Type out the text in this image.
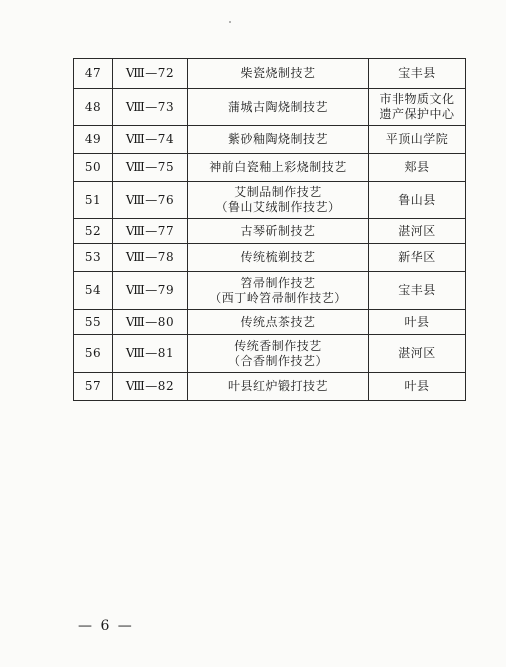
47	Ⅷ—72	柴瓷烧制技艺	宝丰县

48	Ⅷ—73	蒲城古陶烧制技艺	市非物质文化
遗产保护中心

49	Ⅷ—74	紫砂釉陶烧制技艺	平顶山学院

50	Ⅷ—75	神前白瓷釉上彩烧制技艺	郏县

51	Ⅷ—76	艾制品制作技艺
（鲁山艾绒制作技艺）	鲁山县

52	Ⅷ—77	古琴斫制技艺	湛河区

53	Ⅷ—78	传统梳剃技艺	新华区

54	Ⅷ—79	笤帚制作技艺
（西丁岭笤帚制作技艺）	宝丰县

55	Ⅷ—80	传统点茶技艺	叶县

56	Ⅷ—81	传统香制作技艺
（合香制作技艺）	湛河区

57	Ⅷ—82	叶县红炉锻打技艺	叶县
— 6 —
